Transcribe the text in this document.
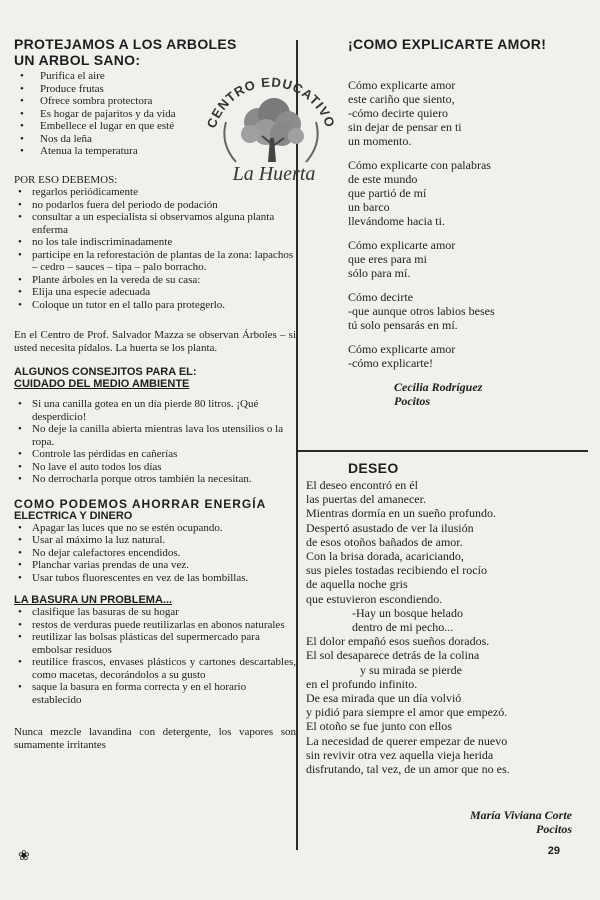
PROTEJAMOS A LOS ARBOLES
UN ARBOL SANO:
• Purifica el aire
• Produce frutas
• Ofrece sombra protectora
• Es hogar de pajaritos y da vida
• Embellece el lugar en que esté
• Nos da leña
• Atenua la temperatura

POR ESO DEBEMOS:

• regarlos periódicamente
• no podarlos fuera del periodo de podación
• consultar a un especialista si observamos alguna planta enferma
• no los tale indiscriminadamente
• participe en la reforestación de plantas de la zona: lapachos – cedro – sauces – tipa – palo borracho.
• Plante árboles en la vereda de su casa:
• Elija una especie adecuada
• Coloque un tutor en el tallo para protegerlo.

En el Centro de Prof. Salvador Mazza se observan Árboles – si usted necesita pídalos. La huerta se los planta.

ALGUNOS CONSEJITOS PARA EL:
CUIDADO DEL MEDIO AMBIENTE
• Si una canilla gotea en un día pierde 80 litros. ¡Qué desperdicio!
• No deje la canilla abierta mientras lava los utensilios o la ropa.
• Controle las pérdidas en cañerías
• No lave el auto todos los días
• No derrocharla porque otros también la necesitan.
COMO PODEMOS AHORRAR ENERGÍA
ELECTRICA Y DINERO
• Apagar las luces que no se estén ocupando.
• Usar al máximo la luz natural.
• No dejar calefactores encendidos.
• Planchar varias prendas de una vez.
• Usar tubos fluorescentes en vez de las bombillas.
LA BASURA UN PROBLEMA...
• clasifique las basuras de su hogar
• restos de verduras puede reutilizarlas en abonos naturales
• reutilizar las bolsas plásticas del supermercado para embolsar residuos
• reutilice frascos, envases plásticos y cartones descartables, como macetas, decorándolos a su gusto
• saque la basura en forma correcta y en el horario establecido

Nunca mezcle lavandina con detergente, los vapores son sumamente irritantes

CENTRO EDUCATIVO
La Huerta
¡COMO EXPLICARTE AMOR!

Cómo explicarte amor
este cariño que siento,
-cómo decirte quiero
sin dejar de pensar en ti
un momento.

Cómo explicarte con palabras
de este mundo
que partió de mí
un barco
llevándome hacia ti.

Cómo explicarte amor
que eres para mi
sólo para mí.

Cómo decirte
-que aunque otros labios beses
tú solo pensarás en mí.

Cómo explicarte amor
-cómo explicarte!

Cecilia Rodríguez

Pocitos

DESEO

El deseo encontró en él

las puertas del amanecer.

Mientras dormía en un sueño profundo.

Despertó asustado de ver la ilusión

de esos otoños bañados de amor.

Con la brisa dorada, acariciando,

sus pieles tostadas recibiendo el rocío

de aquella noche gris

que estuvieron escondiendo.

-Hay un bosque helado

dentro de mi pecho...

El dolor empañó esos sueños dorados.

El sol desaparece detrás de la colina

y su mirada se pierde

en el profundo infinito.

De esa mirada que un día volvió

y pidió para siempre el amor que empezó.

El otoño se fue junto con ellos

La necesidad de querer empezar de nuevo

sin revivir otra vez aquella vieja herida

disfrutando, tal vez, de un amor que no es.

María Viviana Corte

Pocitos

❀	29
